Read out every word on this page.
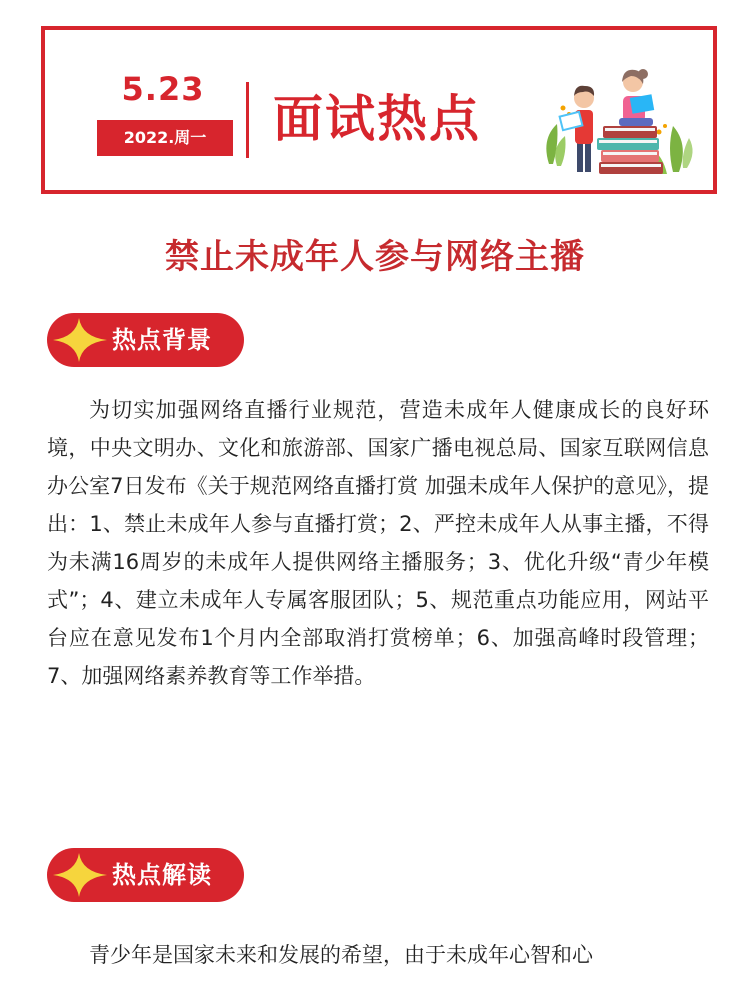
5.23
2022.周一	面试热点
禁止未成年人参与网络主播
热点背景

为切实加强网络直播行业规范，营造未成年人健康成长的良好环境，中央文明办、文化和旅游部、国家广播电视总局、国家互联网信息办公室7日发布《关于规范网络直播打赏 加强未成年人保护的意见》，提出：1、禁止未成年人参与直播打赏；2、严控未成年人从事主播，不得为未满16周岁的未成年人提供网络主播服务；3、优化升级“青少年模式”；4、建立未成年人专属客服团队；5、规范重点功能应用，网站平台应在意见发布1个月内全部取消打赏榜单；6、加强高峰时段管理；7、加强网络素养教育等工作举措。

热点解读

青少年是国家未来和发展的希望，由于未成年心智和心
